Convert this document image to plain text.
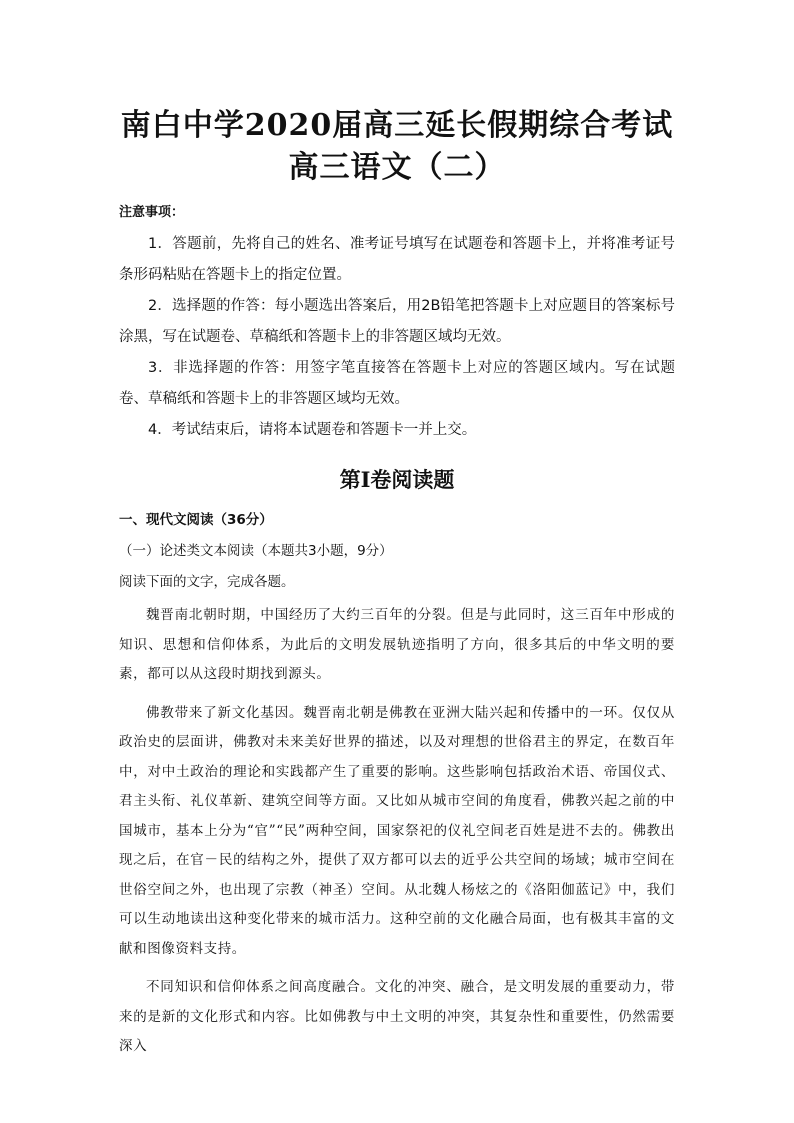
南白中学2020届高三延长假期综合考试
高三语文（二）
注意事项：

1．答题前，先将自己的姓名、准考证号填写在试题卷和答题卡上，并将准考证号条形码粘贴在答题卡上的指定位置。

2．选择题的作答：每小题选出答案后，用2B铅笔把答题卡上对应题目的答案标号涂黑，写在试题卷、草稿纸和答题卡上的非答题区域均无效。

3．非选择题的作答：用签字笔直接答在答题卡上对应的答题区域内。写在试题卷、草稿纸和答题卡上的非答题区域均无效。

4．考试结束后，请将本试题卷和答题卡一并上交。

第Ⅰ卷阅读题
一、现代文阅读（36分）
（一）论述类文本阅读（本题共3小题，9分）
阅读下面的文字，完成各题。

魏晋南北朝时期，中国经历了大约三百年的分裂。但是与此同时，这三百年中形成的知识、思想和信仰体系，为此后的文明发展轨迹指明了方向，很多其后的中华文明的要素，都可以从这段时期找到源头。

佛教带来了新文化基因。魏晋南北朝是佛教在亚洲大陆兴起和传播中的一环。仅仅从政治史的层面讲，佛教对未来美好世界的描述，以及对理想的世俗君主的界定，在数百年中，对中土政治的理论和实践都产生了重要的影响。这些影响包括政治术语、帝国仪式、君主头衔、礼仪革新、建筑空间等方面。又比如从城市空间的角度看，佛教兴起之前的中国城市，基本上分为“官”“民”两种空间，国家祭祀的仪礼空间老百姓是进不去的。佛教出现之后，在官－民的结构之外，提供了双方都可以去的近乎公共空间的场域；城市空间在世俗空间之外，也出现了宗教（神圣）空间。从北魏人杨炫之的《洛阳伽蓝记》中，我们可以生动地读出这种变化带来的城市活力。这种空前的文化融合局面，也有极其丰富的文献和图像资料支持。

不同知识和信仰体系之间高度融合。文化的冲突、融合，是文明发展的重要动力，带来的是新的文化形式和内容。比如佛教与中土文明的冲突，其复杂性和重要性，仍然需要深入
